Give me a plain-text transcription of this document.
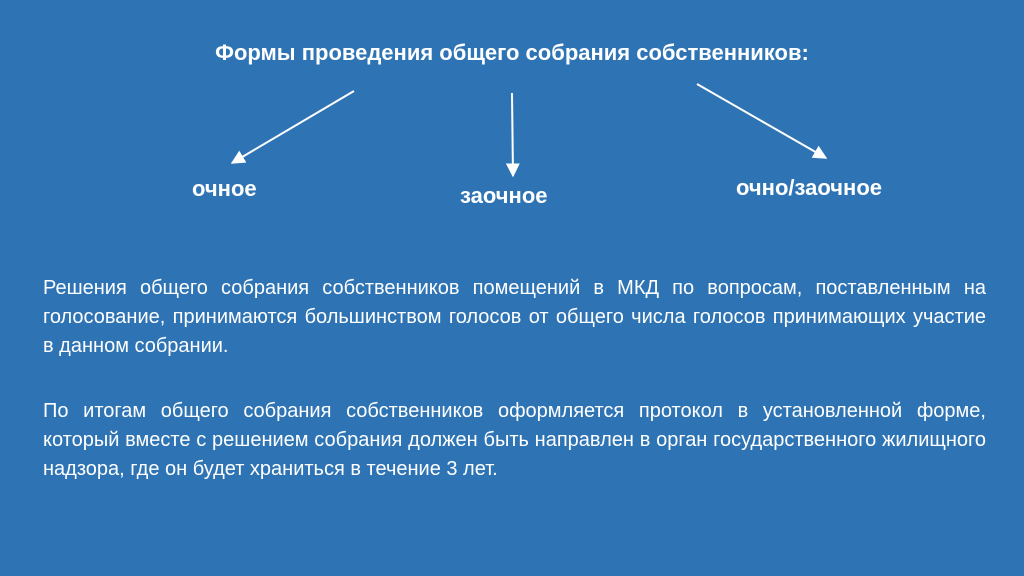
Формы проведения общего собрания собственников:
очное	заочное	очно/заочное
Решения общего собрания собственников помещений в МКД по вопросам, поставленным на голосование, принимаются большинством голосов от общего числа голосов принимающих участие в данном собрании.
По итогам общего собрания собственников оформляется протокол в установленной форме, который вместе с решением собрания должен быть направлен в орган государственного жилищного надзора, где он будет храниться в течение 3 лет.
